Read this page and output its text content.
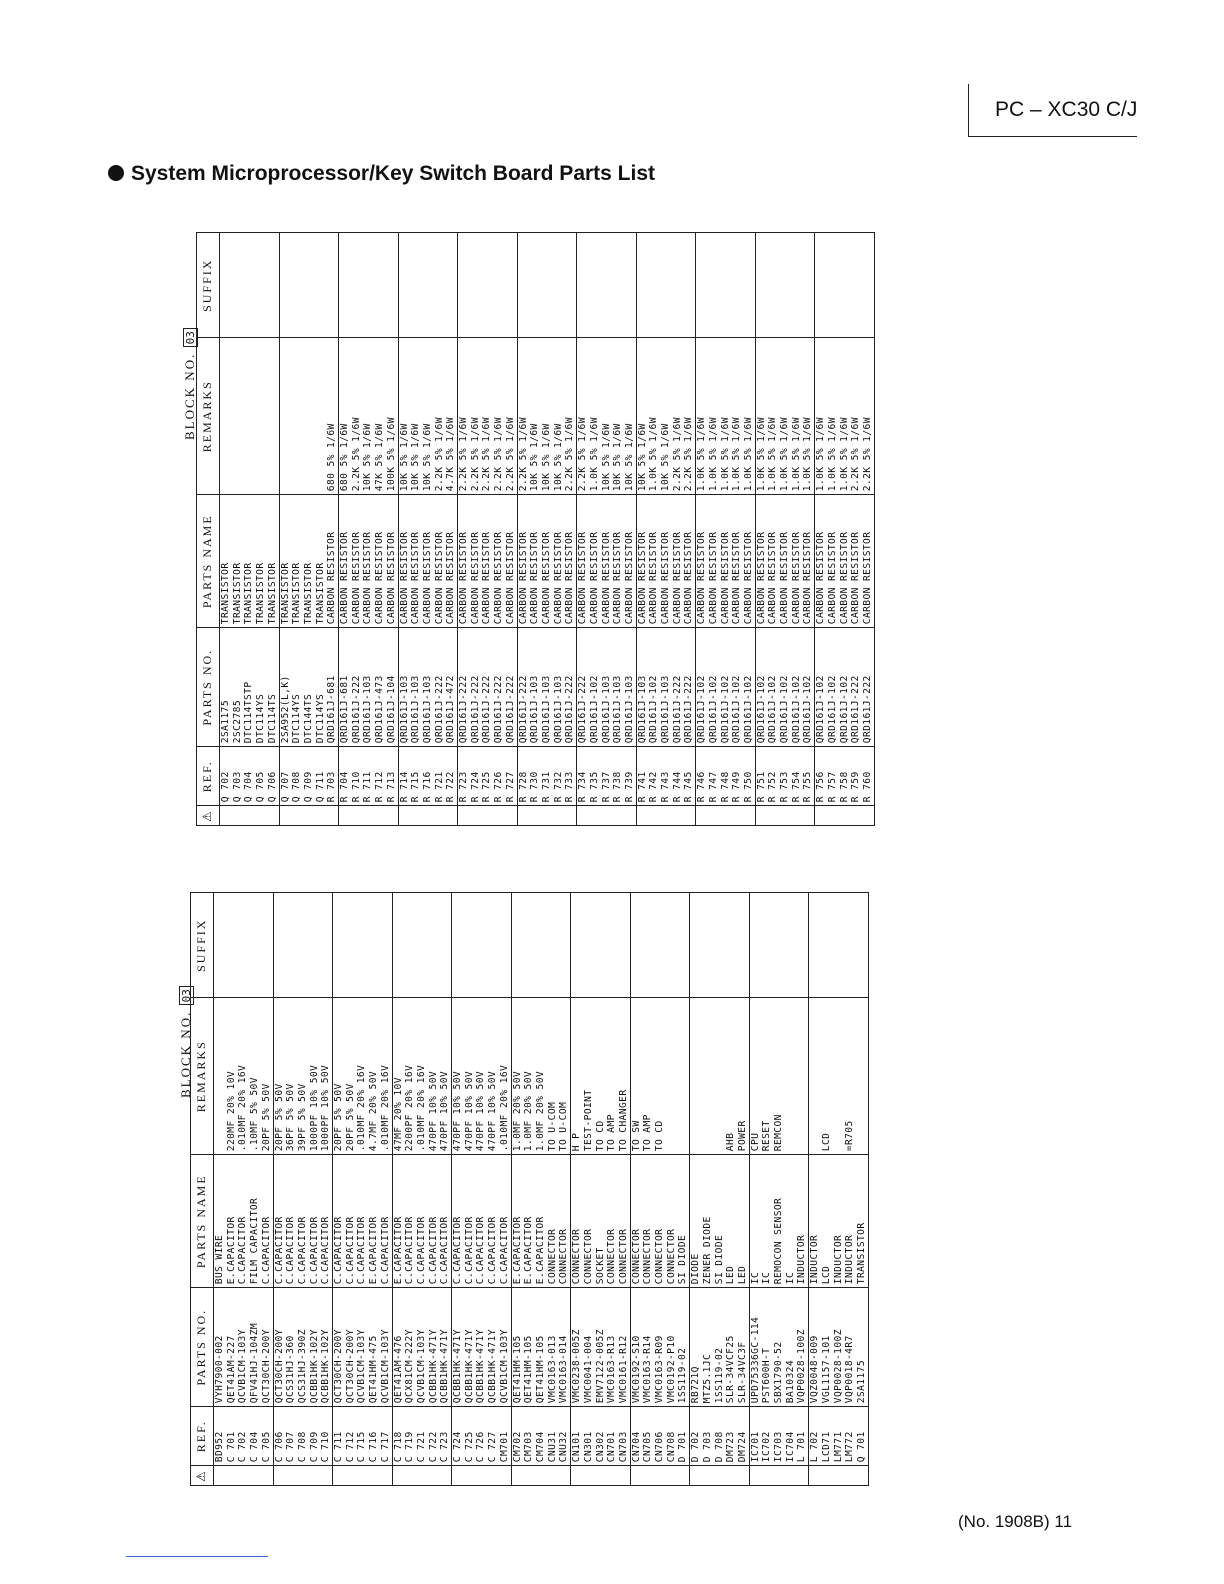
PC – XC30 C/J
System Microprocessor/Key Switch Board Parts List
BLOCK NO. 03
⚠	REF.	PARTS NO.	PARTS NAME	REMARKS	SUFFIX
	BD952	VYH7900-002	BUS WIRE		
	C 701	QET41AM-227	E.CAPACITOR	220MF 20% 10V	
	C 702	QCVB1CM-103Y	C.CAPACITOR	.010MF 20% 16V	
	C 704	QFV41HJ-104ZM	FILM CAPACITOR	.10MF 5% 50V	
	C 705	QCT30CH-200Y	C.CAPACITOR	20PF 5% 50V	
	C 706	QCT30CH-200Y	C.CAPACITOR	20PF 5% 50V	
	C 707	QCS31HJ-360	C.CAPACITOR	36PF 5% 50V	
	C 708	QCS31HJ-390Z	C.CAPACITOR	39PF 5% 50V	
	C 709	QCBB1HK-102Y	C.CAPACITOR	1000PF 10% 50V	
	C 710	QCBB1HK-102Y	C.CAPACITOR	1000PF 10% 50V	
	C 711	QCT30CH-200Y	C.CAPACITOR	20PF 5% 50V	
	C 712	QCT30CH-200Y	C.CAPACITOR	20PF 5% 50V	
	C 715	QCVB1CM-103Y	C.CAPACITOR	.010MF 20% 16V	
	C 716	QET41HM-475	E.CAPACITOR	4.7MF 20% 50V	
	C 717	QCVB1CM-103Y	C.CAPACITOR	.010MF 20% 16V	
	C 718	QET41AM-476	E.CAPACITOR	47MF 20% 10V	
	C 719	QCX81CM-222Y	C.CAPACITOR	2200PF 20% 16V	
	C 721	QCVB1CM-103Y	C.CAPACITOR	.010MF 20% 16V	
	C 722	QCBB1HK-471Y	C.CAPACITOR	470PF 10% 50V	
	C 723	QCBB1HK-471Y	C.CAPACITOR	470PF 10% 50V	
	C 724	QCBB1HK-471Y	C.CAPACITOR	470PF 10% 50V	
	C 725	QCBB1HK-471Y	C.CAPACITOR	470PF 10% 50V	
	C 726	QCBB1HK-471Y	C.CAPACITOR	470PF 10% 50V	
	C 727	QCBB1HK-471Y	C.CAPACITOR	470PF 10% 50V	
	CM701	QCVB1CM-103Y	C.CAPACITOR	.010MF 20% 16V	
	CM702	QET41HM-105	E.CAPACITOR	1.0MF 20% 50V	
	CM703	QET41HM-105	E.CAPACITOR	1.0MF 20% 50V	
	CM704	QET41HM-105	E.CAPACITOR	1.0MF 20% 50V	
	CNU31	VMC0163-013	CONNECTOR	TO U-COM	
	CNU32	VMC0163-014	CONNECTOR	TO U-COM	
	CN101	VMC0238-005Z	CONNECTOR	H P	
	CN301	VMC0041-004	CONNECTOR	TEST-POINT	
	CN302	EMV7122-005Z	SOCKET	TO CD	
	CN701	VMC0163-R13	CONNECTOR	TO AMP	
	CN703	VMC0161-R12	CONNECTOR	TO CHANGER	
	CN704	VMC0192-S10	CONNECTOR	TO SW	
	CN705	VMC0163-R14	CONNECTOR	TO AMP	
	CN706	VMC0163-R09	CONNECTOR	TO CD	
	CN708	VMC0192-P10	CONNECTOR		
	D 701	1SS119-02	SI DIODE		
	D 702	RB721Q	DIODE		
	D 703	MTZ5.1JC	ZENER DIODE		
	D 708	1SS119-02	SI DIODE		
	DM723	SLR-34VCF25	LED	AHB	
	DM724	SLR-34VC3F	LED	POWER	
	IC701	UPD75336GC-114	IC	CPU	
	IC702	PST600H-T	IC	RESET	
	IC703	SBX1790-52	REMOCON SENSOR	REMCON	
	IC704	BA10324	IC		
	L 701	VQP0028-100Z	INDUCTOR		
	L 702	VQZ0048-009	INDUCTOR		
	LCD71	VGL1157-101	LCD	LCD	
	LM771	VQP0028-100Z	INDUCTOR		
	LM772	VQP0018-4R7	INDUCTOR	=R705	
	Q 701	2SA1175	TRANSISTOR		
BLOCK NO. 03
⚠	REF.	PARTS NO.	PARTS NAME	REMARKS	SUFFIX
	Q 702	2SA1175	TRANSISTOR		
	Q 703	2SC2785	TRANSISTOR		
	Q 704	DTC114TSTP	TRANSISTOR		
	Q 705	DTC114YS	TRANSISTOR		
	Q 706	DTC114TS	TRANSISTOR		
	Q 707	2SA952(L,K)	TRANSISTOR		
	Q 708	DTC114YS	TRANSISTOR		
	Q 709	DTC144TS	TRANSISTOR		
	Q 711	DTC114YS	TRANSISTOR		
	R 703	QRD161J-681	CARBON RESISTOR	680 5% 1/6W	
	R 704	QRD161J-681	CARBON RESISTOR	680 5% 1/6W	
	R 710	QRD161J-222	CARBON RESISTOR	2.2K 5% 1/6W	
	R 711	QRD161J-103	CARBON RESISTOR	10K 5% 1/6W	
	R 712	QRD161J-473	CARBON RESISTOR	47K 5% 1/6W	
	R 713	QRD161J-104	CARBON RESISTOR	100K 5% 1/6W	
	R 714	QRD161J-103	CARBON RESISTOR	10K 5% 1/6W	
	R 715	QRD161J-103	CARBON RESISTOR	10K 5% 1/6W	
	R 716	QRD161J-103	CARBON RESISTOR	10K 5% 1/6W	
	R 721	QRD161J-222	CARBON RESISTOR	2.2K 5% 1/6W	
	R 722	QRD161J-472	CARBON RESISTOR	4.7K 5% 1/6W	
	R 723	QRD161J-222	CARBON RESISTOR	2.2K 5% 1/6W	
	R 724	QRD161J-222	CARBON RESISTOR	2.2K 5% 1/6W	
	R 725	QRD161J-222	CARBON RESISTOR	2.2K 5% 1/6W	
	R 726	QRD161J-222	CARBON RESISTOR	2.2K 5% 1/6W	
	R 727	QRD161J-222	CARBON RESISTOR	2.2K 5% 1/6W	
	R 728	QRD161J-222	CARBON RESISTOR	2.2K 5% 1/6W	
	R 730	QRD161J-103	CARBON RESISTOR	10K 5% 1/6W	
	R 731	QRD161J-103	CARBON RESISTOR	10K 5% 1/6W	
	R 732	QRD161J-103	CARBON RESISTOR	10K 5% 1/6W	
	R 733	QRD161J-222	CARBON RESISTOR	2.2K 5% 1/6W	
	R 734	QRD161J-222	CARBON RESISTOR	2.2K 5% 1/6W	
	R 735	QRD161J-102	CARBON RESISTOR	1.0K 5% 1/6W	
	R 737	QRD161J-103	CARBON RESISTOR	10K 5% 1/6W	
	R 738	QRD161J-103	CARBON RESISTOR	10K 5% 1/6W	
	R 739	QRD161J-103	CARBON RESISTOR	10K 5% 1/6W	
	R 741	QRD161J-103	CARBON RESISTOR	10K 5% 1/6W	
	R 742	QRD161J-102	CARBON RESISTOR	1.0K 5% 1/6W	
	R 743	QRD161J-103	CARBON RESISTOR	10K 5% 1/6W	
	R 744	QRD161J-222	CARBON RESISTOR	2.2K 5% 1/6W	
	R 745	QRD161J-222	CARBON RESISTOR	2.2K 5% 1/6W	
	R 746	QRD161J-102	CARBON RESISTOR	1.0K 5% 1/6W	
	R 747	QRD161J-102	CARBON RESISTOR	1.0K 5% 1/6W	
	R 748	QRD161J-102	CARBON RESISTOR	1.0K 5% 1/6W	
	R 749	QRD161J-102	CARBON RESISTOR	1.0K 5% 1/6W	
	R 750	QRD161J-102	CARBON RESISTOR	1.0K 5% 1/6W	
	R 751	QRD161J-102	CARBON RESISTOR	1.0K 5% 1/6W	
	R 752	QRD161J-102	CARBON RESISTOR	1.0K 5% 1/6W	
	R 753	QRD161J-102	CARBON RESISTOR	1.0K 5% 1/6W	
	R 754	QRD161J-102	CARBON RESISTOR	1.0K 5% 1/6W	
	R 755	QRD161J-102	CARBON RESISTOR	1.0K 5% 1/6W	
	R 756	QRD161J-102	CARBON RESISTOR	1.0K 5% 1/6W	
	R 757	QRD161J-102	CARBON RESISTOR	1.0K 5% 1/6W	
	R 758	QRD161J-102	CARBON RESISTOR	1.0K 5% 1/6W	
	R 759	QRD161J-222	CARBON RESISTOR	2.2K 5% 1/6W	
	R 760	QRD161J-222	CARBON RESISTOR	2.2K 5% 1/6W	
(No. 1908B) 11
